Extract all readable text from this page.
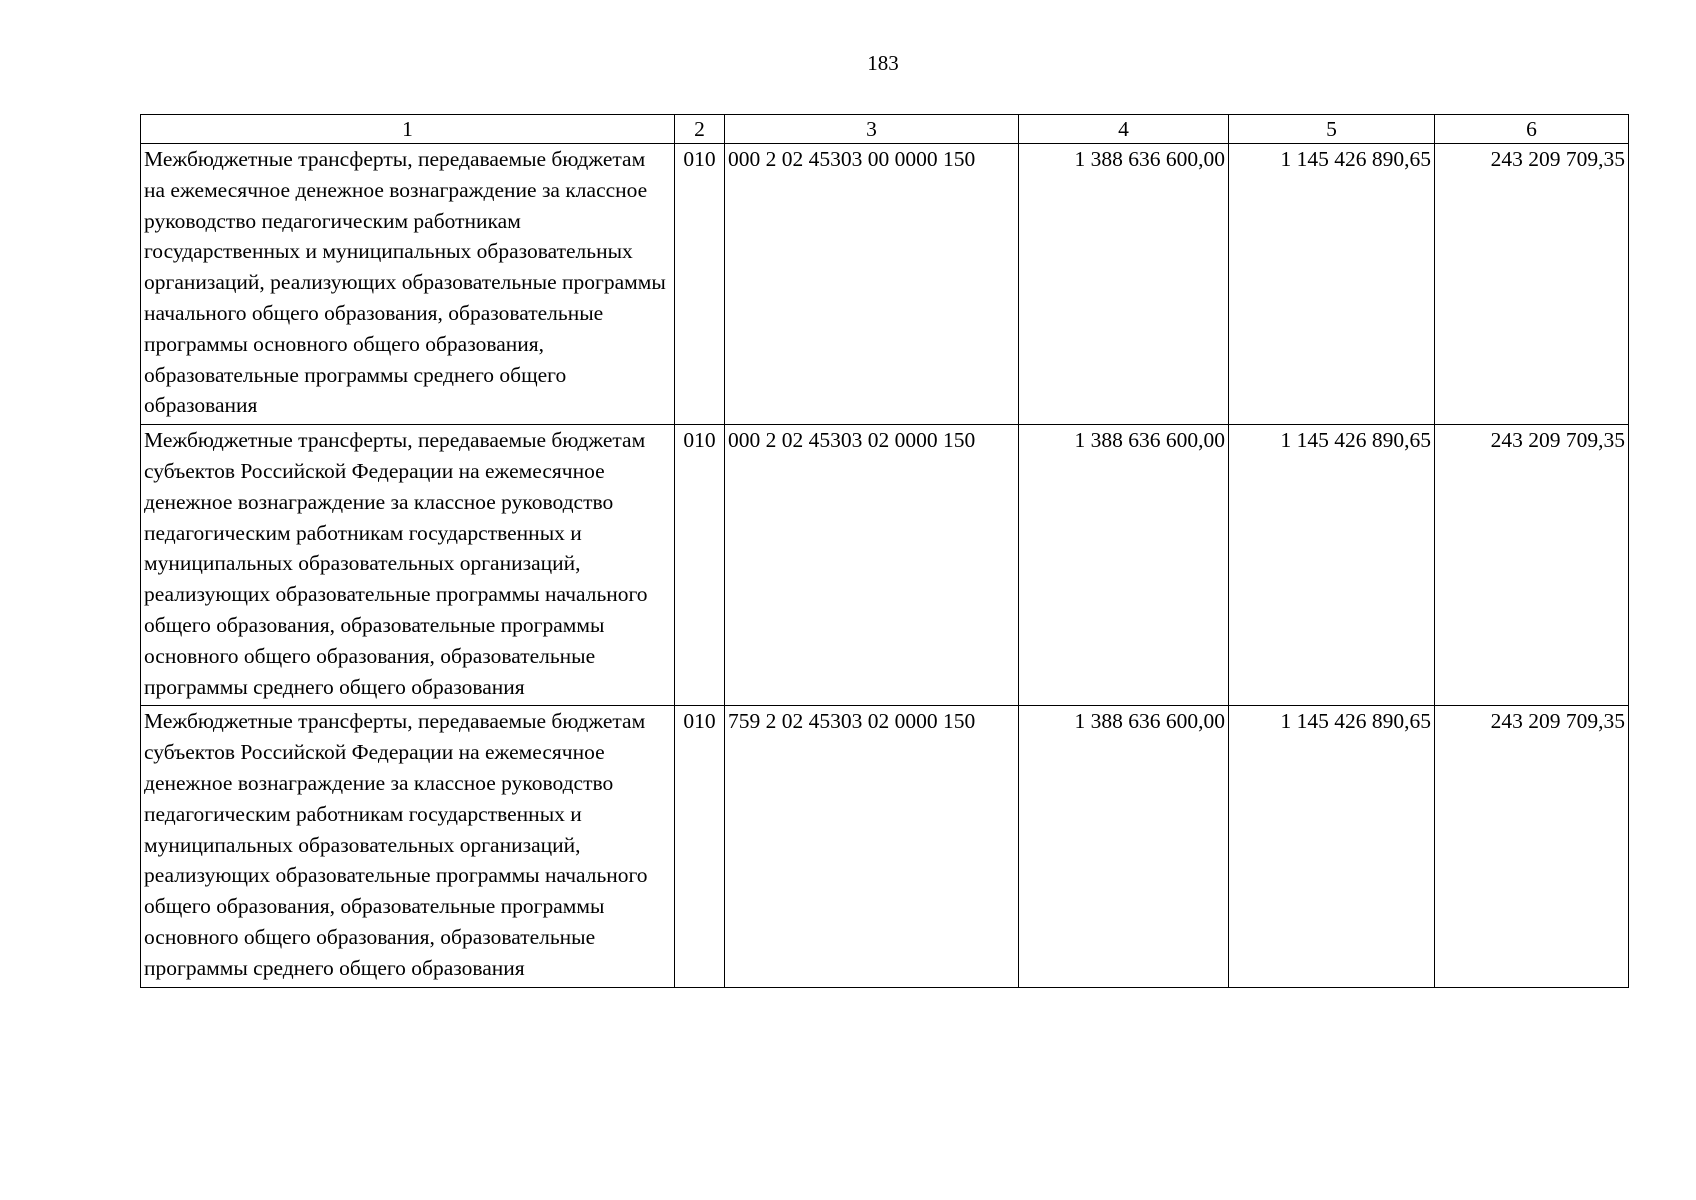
183
1	2	3	4	5	6
Межбюджетные трансферты, передаваемые бюджетам на ежемесячное денежное вознаграждение за классное руководство педагогическим работникам государственных и муниципальных образовательных организаций, реализующих образовательные программы начального общего образования, образовательные программы основного общего образования, образовательные программы среднего общего образования	010	000 2 02 45303 00 0000 150	1 388 636 600,00	1 145 426 890,65	243 209 709,35
Межбюджетные трансферты, передаваемые бюджетам субъектов Российской Федерации на ежемесячное денежное вознаграждение за классное руководство педагогическим работникам государственных и муниципальных образовательных организаций, реализующих образовательные программы начального общего образования, образовательные программы основного общего образования, образовательные программы среднего общего образования	010	000 2 02 45303 02 0000 150	1 388 636 600,00	1 145 426 890,65	243 209 709,35
Межбюджетные трансферты, передаваемые бюджетам субъектов Российской Федерации на ежемесячное денежное вознаграждение за классное руководство педагогическим работникам государственных и муниципальных образовательных организаций, реализующих образовательные программы начального общего образования, образовательные программы основного общего образования, образовательные программы среднего общего образования	010	759 2 02 45303 02 0000 150	1 388 636 600,00	1 145 426 890,65	243 209 709,35
